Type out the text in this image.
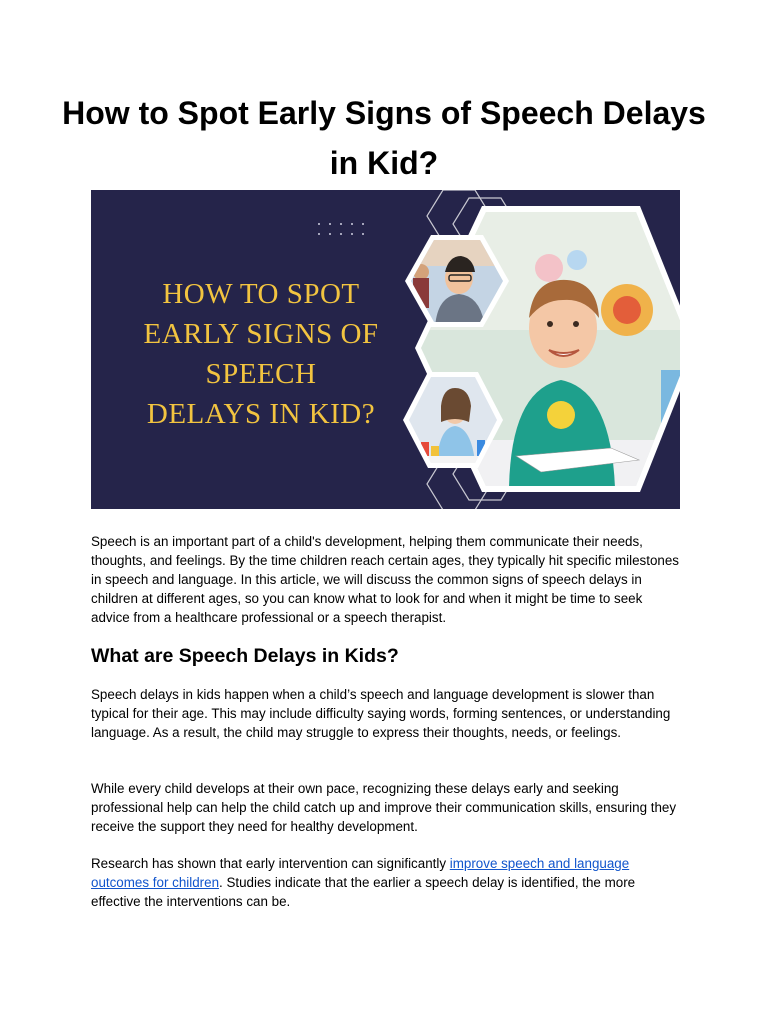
How to Spot Early Signs of Speech Delays in Kid?
HOW TO SPOT
EARLY SIGNS OF
SPEECH
DELAYS IN KID?

Speech is an important part of a child's development, helping them communicate their needs, thoughts, and feelings. By the time children reach certain ages, they typically hit specific milestones in speech and language. In this article, we will discuss the common signs of speech delays in children at different ages, so you can know what to look for and when it might be time to seek advice from a healthcare professional or a speech therapist.

What are Speech Delays in Kids?

Speech delays in kids happen when a child’s speech and language development is slower than typical for their age. This may include difficulty saying words, forming sentences, or understanding language. As a result, the child may struggle to express their thoughts, needs, or feelings.

While every child develops at their own pace, recognizing these delays early and seeking professional help can help the child catch up and improve their communication skills, ensuring they receive the support they need for healthy development.

Research has shown that early intervention can significantly improve speech and language outcomes for children. Studies indicate that the earlier a speech delay is identified, the more effective the interventions can be.
